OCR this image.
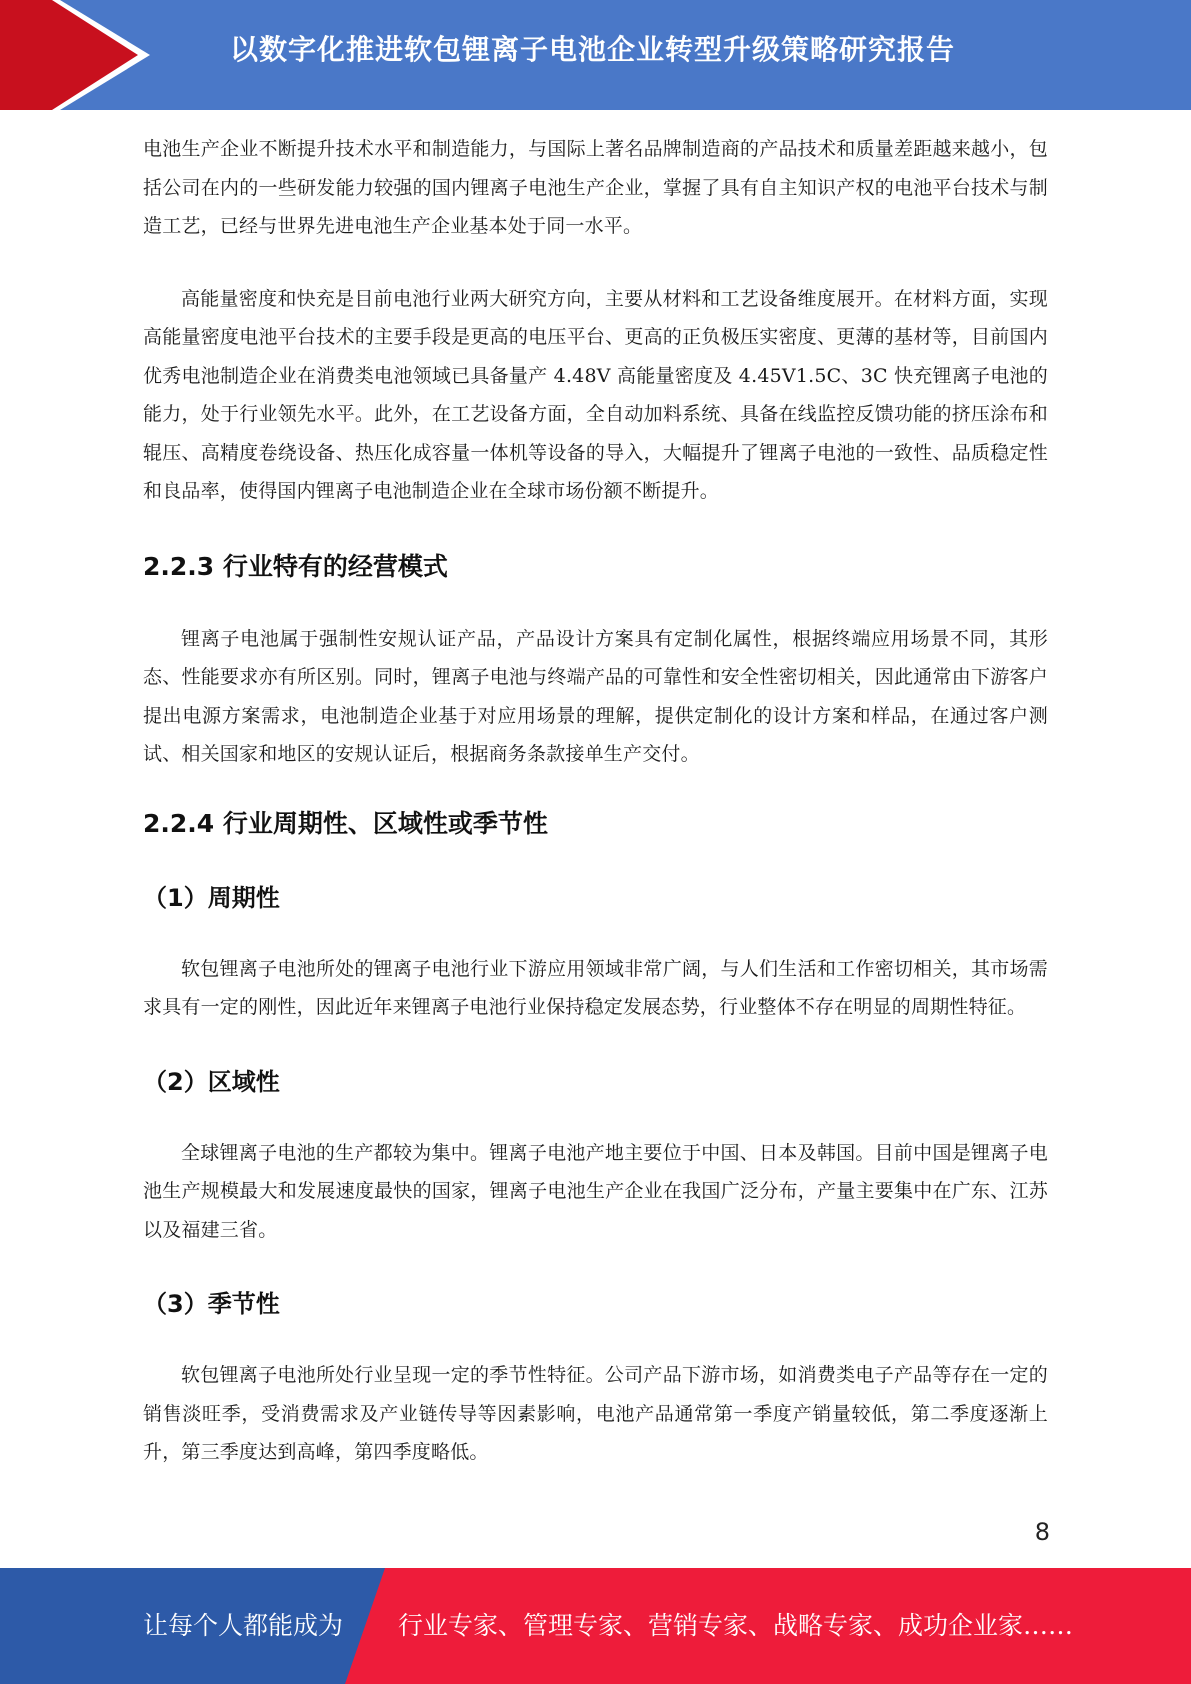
以数字化推进软包锂离子电池企业转型升级策略研究报告

电池生产企业不断提升技术水平和制造能力，与国际上著名品牌制造商的产品技术和质量差距越来越小，包括公司在内的一些研发能力较强的国内锂离子电池生产企业，掌握了具有自主知识产权的电池平台技术与制造工艺，已经与世界先进电池生产企业基本处于同一水平。

高能量密度和快充是目前电池行业两大研究方向，主要从材料和工艺设备维度展开。在材料方面，实现高能量密度电池平台技术的主要手段是更高的电压平台、更高的正负极压实密度、更薄的基材等，目前国内优秀电池制造企业在消费类电池领域已具备量产 4.48V 高能量密度及 4.45V1.5C、3C 快充锂离子电池的能力，处于行业领先水平。此外，在工艺设备方面，全自动加料系统、具备在线监控反馈功能的挤压涂布和辊压、高精度卷绕设备、热压化成容量一体机等设备的导入，大幅提升了锂离子电池的一致性、品质稳定性和良品率，使得国内锂离子电池制造企业在全球市场份额不断提升。

2.2.3 行业特有的经营模式

锂离子电池属于强制性安规认证产品，产品设计方案具有定制化属性，根据终端应用场景不同，其形态、性能要求亦有所区别。同时，锂离子电池与终端产品的可靠性和安全性密切相关，因此通常由下游客户提出电源方案需求，电池制造企业基于对应用场景的理解，提供定制化的设计方案和样品，在通过客户测试、相关国家和地区的安规认证后，根据商务条款接单生产交付。

2.2.4 行业周期性、区域性或季节性
（1）周期性

软包锂离子电池所处的锂离子电池行业下游应用领域非常广阔，与人们生活和工作密切相关，其市场需求具有一定的刚性，因此近年来锂离子电池行业保持稳定发展态势，行业整体不存在明显的周期性特征。

（2）区域性

全球锂离子电池的生产都较为集中。锂离子电池产地主要位于中国、日本及韩国。目前中国是锂离子电池生产规模最大和发展速度最快的国家，锂离子电池生产企业在我国广泛分布，产量主要集中在广东、江苏以及福建三省。

（3）季节性

软包锂离子电池所处行业呈现一定的季节性特征。公司产品下游市场，如消费类电子产品等存在一定的销售淡旺季，受消费需求及产业链传导等因素影响，电池产品通常第一季度产销量较低，第二季度逐渐上升，第三季度达到高峰，第四季度略低。

8
让每个人都能成为 行业专家、管理专家、营销专家、战略专家、成功企业家……
